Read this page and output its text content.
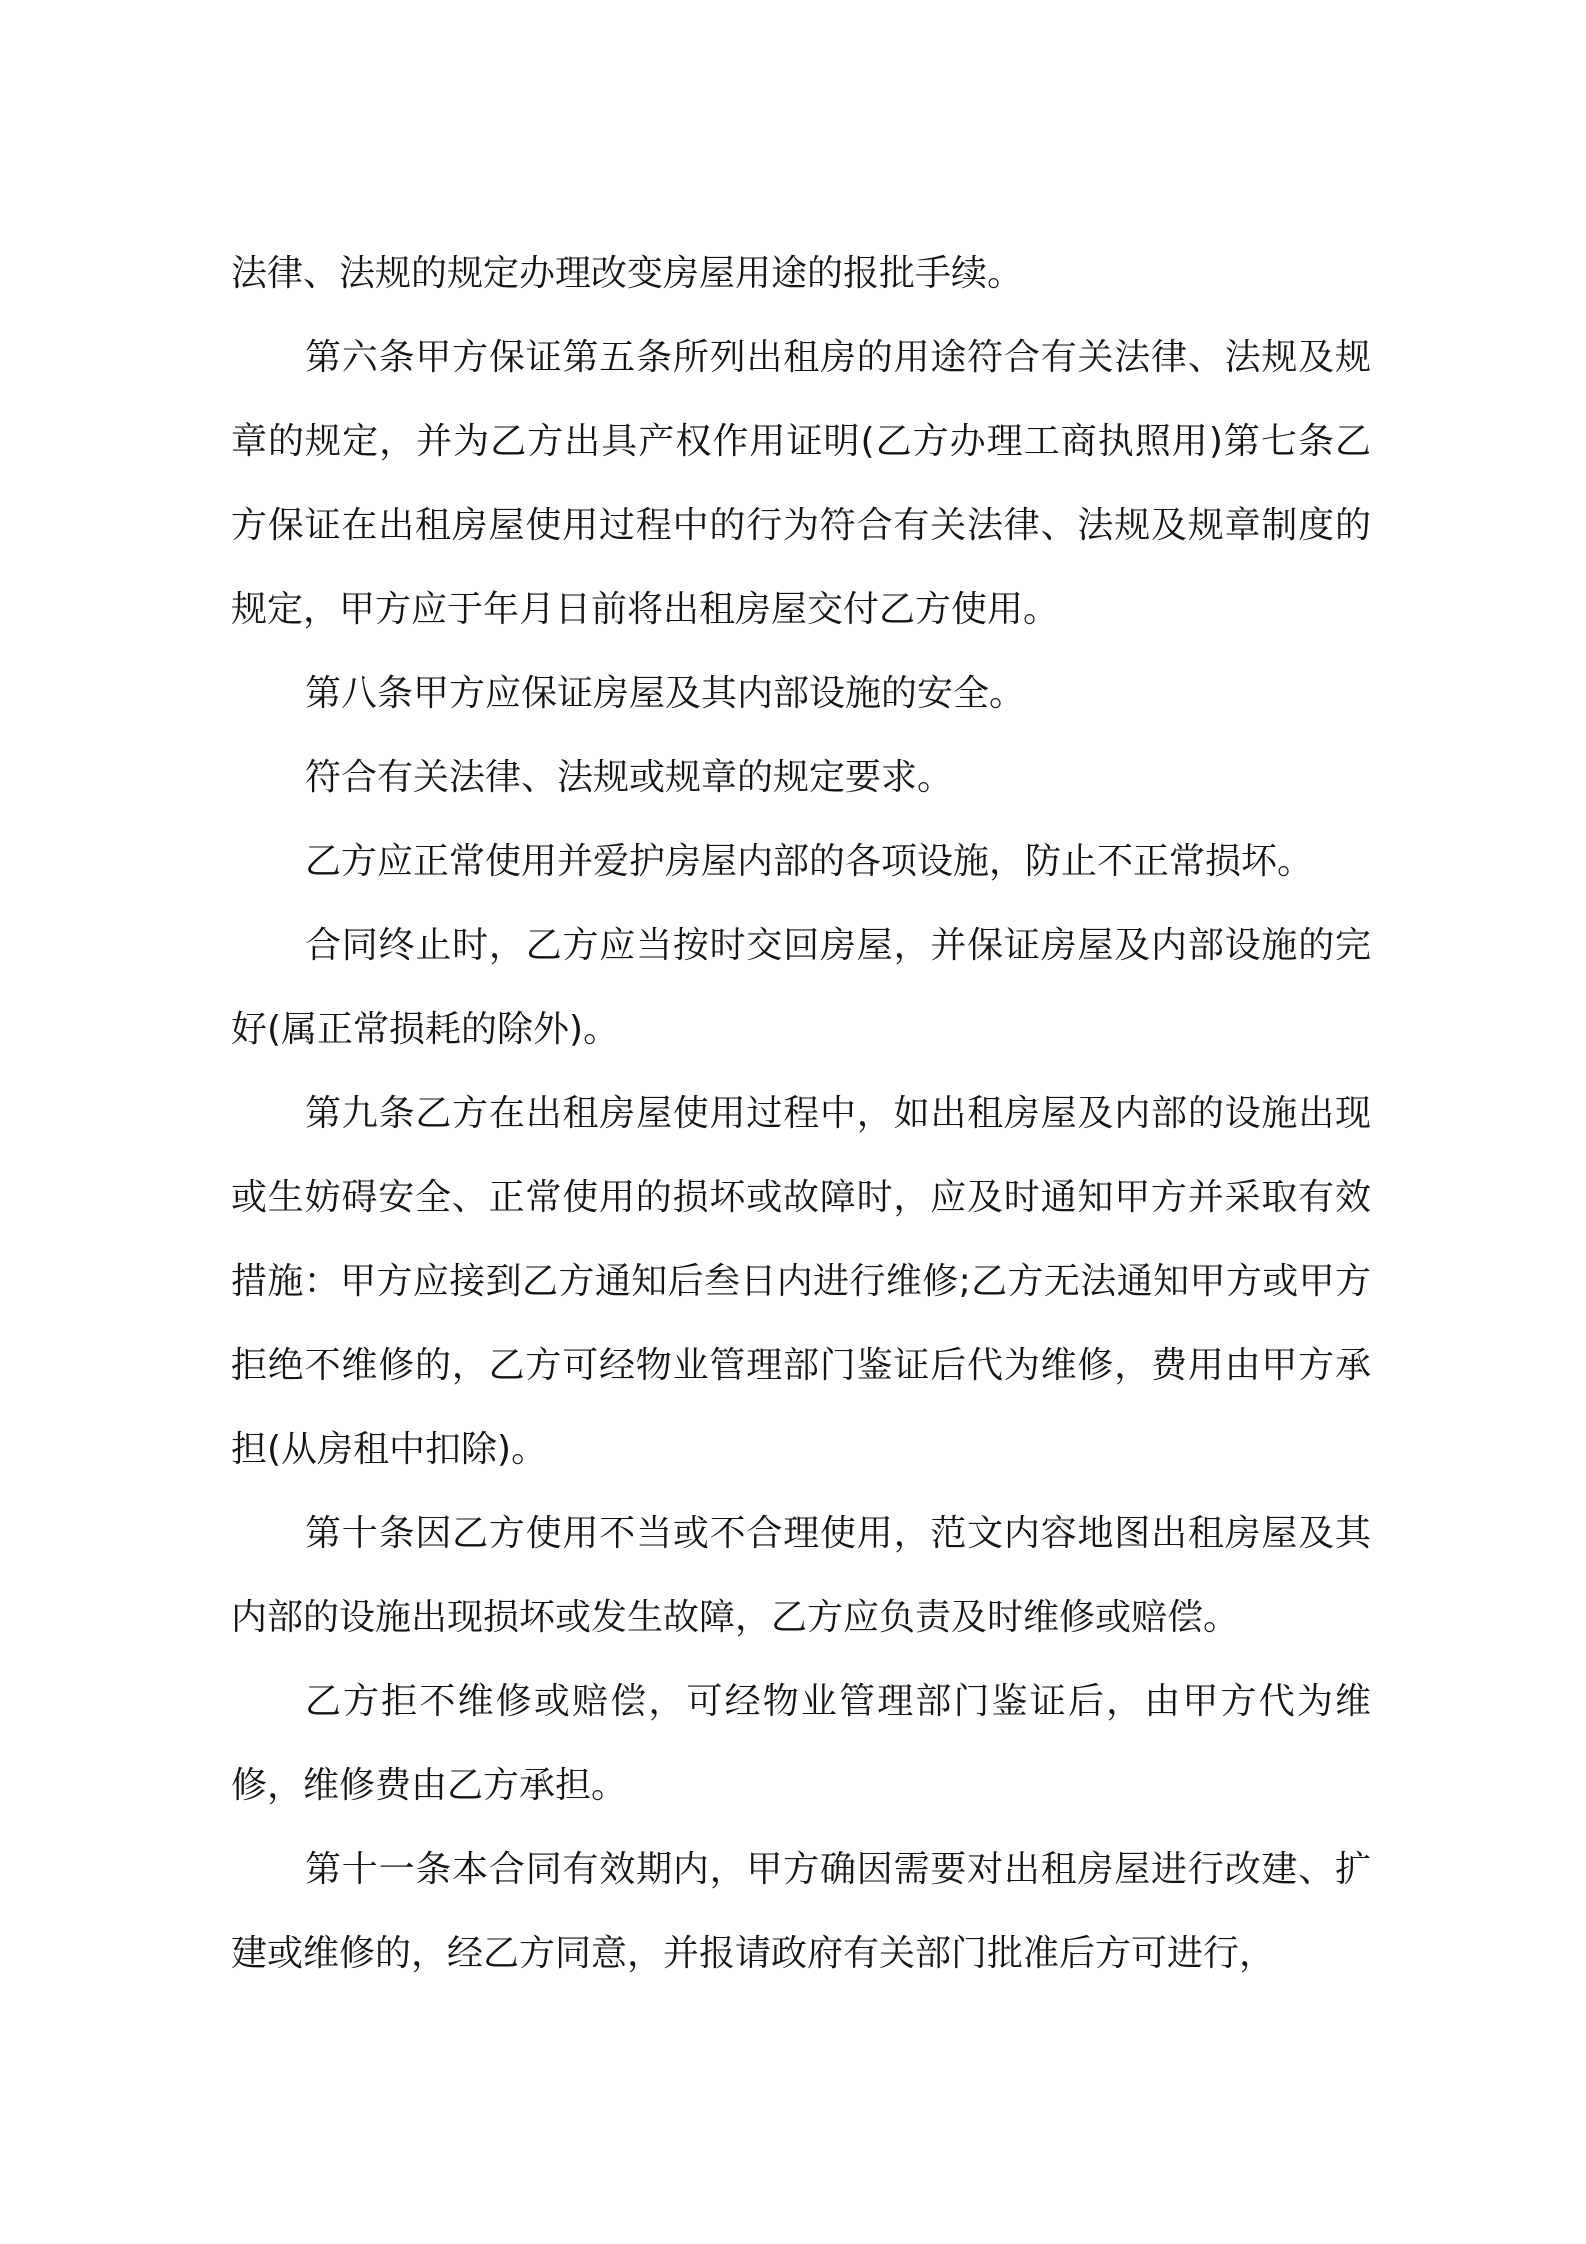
法律、法规的规定办理改变房屋用途的报批手续。

第六条甲方保证第五条所列出租房的用途符合有关法律、法规及规章的规定，并为乙方出具产权作用证明(乙方办理工商执照用)第七条乙方保证在出租房屋使用过程中的行为符合有关法律、法规及规章制度的规定，甲方应于年月日前将出租房屋交付乙方使用。

第八条甲方应保证房屋及其内部设施的安全。

符合有关法律、法规或规章的规定要求。

乙方应正常使用并爱护房屋内部的各项设施，防止不正常损坏。

合同终止时，乙方应当按时交回房屋，并保证房屋及内部设施的完好(属正常损耗的除外)。

第九条乙方在出租房屋使用过程中，如出租房屋及内部的设施出现或生妨碍安全、正常使用的损坏或故障时，应及时通知甲方并采取有效措施：甲方应接到乙方通知后叁日内进行维修;乙方无法通知甲方或甲方拒绝不维修的，乙方可经物业管理部门鉴证后代为维修，费用由甲方承担(从房租中扣除)。

第十条因乙方使用不当或不合理使用，范文内容地图出租房屋及其内部的设施出现损坏或发生故障，乙方应负责及时维修或赔偿。

乙方拒不维修或赔偿，可经物业管理部门鉴证后，由甲方代为维修，维修费由乙方承担。

第十一条本合同有效期内，甲方确因需要对出租房屋进行改建、扩建或维修的，经乙方同意，并报请政府有关部门批准后方可进行，
